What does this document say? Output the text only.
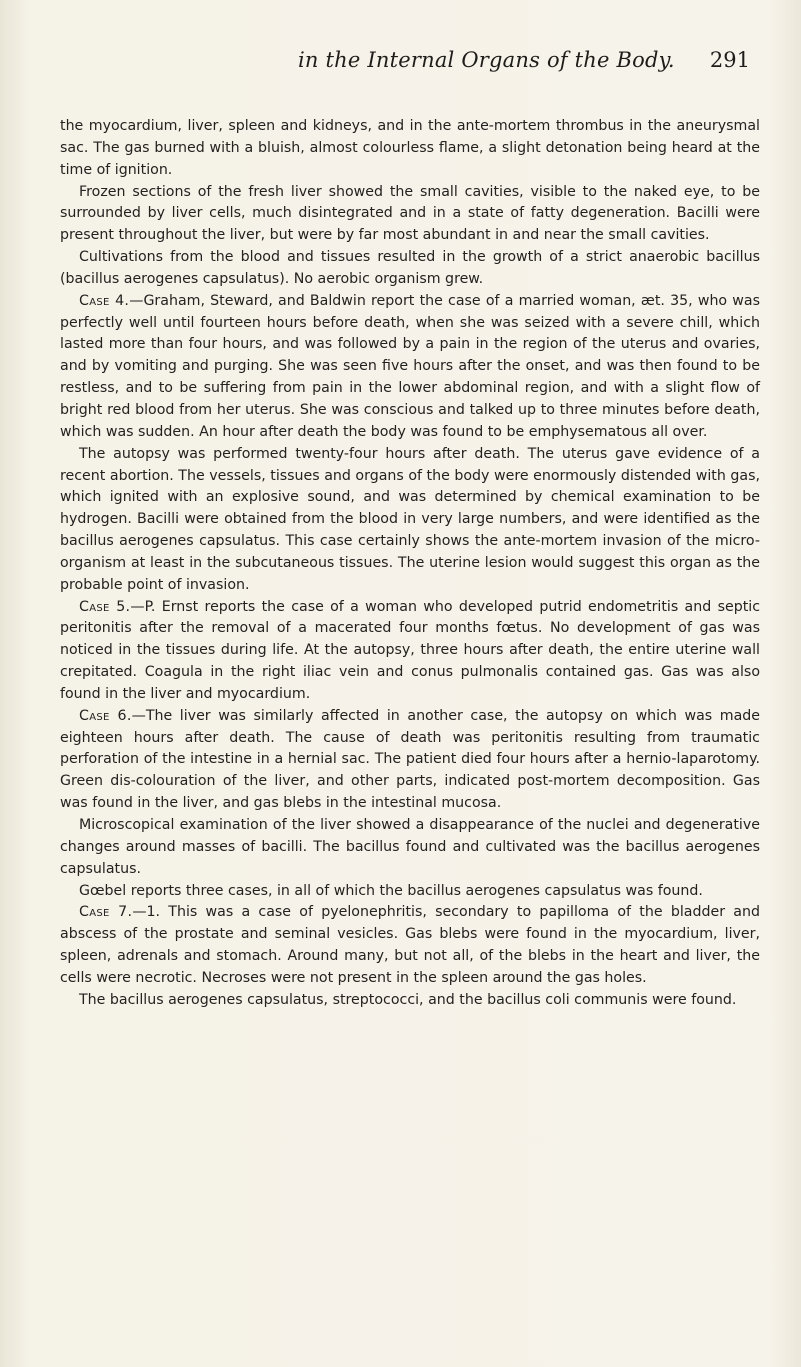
in the Internal Organs of the Body. 291

the myocardium, liver, spleen and kidneys, and in the ante-mortem thrombus in the aneurysmal sac. The gas burned with a bluish, almost colourless flame, a slight detonation being heard at the time of ignition.

Frozen sections of the fresh liver showed the small cavities, visible to the naked eye, to be surrounded by liver cells, much disintegrated and in a state of fatty degeneration. Bacilli were present throughout the liver, but were by far most abundant in and near the small cavities.

Cultivations from the blood and tissues resulted in the growth of a strict anaerobic bacillus (bacillus aerogenes capsulatus). No aerobic organism grew.

Case 4.—Graham, Steward, and Baldwin report the case of a married woman, æt. 35, who was perfectly well until fourteen hours before death, when she was seized with a severe chill, which lasted more than four hours, and was followed by a pain in the region of the uterus and ovaries, and by vomiting and purging. She was seen five hours after the onset, and was then found to be restless, and to be suffering from pain in the lower abdominal region, and with a slight flow of bright red blood from her uterus. She was conscious and talked up to three minutes before death, which was sudden. An hour after death the body was found to be emphysematous all over.

The autopsy was performed twenty-four hours after death. The uterus gave evidence of a recent abortion. The vessels, tissues and organs of the body were enormously distended with gas, which ignited with an explosive sound, and was determined by chemical examination to be hydrogen. Bacilli were obtained from the blood in very large numbers, and were identified as the bacillus aerogenes capsulatus. This case certainly shows the ante-mortem invasion of the micro-organism at least in the subcutaneous tissues. The uterine lesion would suggest this organ as the probable point of invasion.

Case 5.—P. Ernst reports the case of a woman who developed putrid endometritis and septic peritonitis after the removal of a macerated four months fœtus. No development of gas was noticed in the tissues during life. At the autopsy, three hours after death, the entire uterine wall crepitated. Coagula in the right iliac vein and conus pulmonalis contained gas. Gas was also found in the liver and myocardium.

Case 6.—The liver was similarly affected in another case, the autopsy on which was made eighteen hours after death. The cause of death was peritonitis resulting from traumatic perforation of the intestine in a hernial sac. The patient died four hours after a hernio-laparotomy. Green dis-colouration of the liver, and other parts, indicated post-mortem decomposition. Gas was found in the liver, and gas blebs in the intestinal mucosa.

Microscopical examination of the liver showed a disappearance of the nuclei and degenerative changes around masses of bacilli. The bacillus found and cultivated was the bacillus aerogenes capsulatus.

Gœbel reports three cases, in all of which the bacillus aerogenes capsulatus was found.

Case 7.—1. This was a case of pyelonephritis, secondary to papilloma of the bladder and abscess of the prostate and seminal vesicles. Gas blebs were found in the myocardium, liver, spleen, adrenals and stomach. Around many, but not all, of the blebs in the heart and liver, the cells were necrotic. Necroses were not present in the spleen around the gas holes.

The bacillus aerogenes capsulatus, streptococci, and the bacillus coli communis were found.
